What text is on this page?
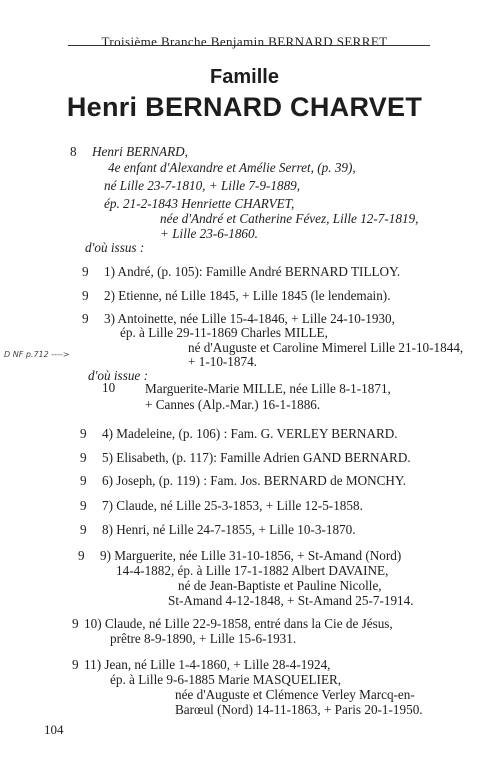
Troisième Branche Benjamin BERNARD SERRET
Famille
Henri BERNARD CHARVET
8 Henri BERNARD,
4e enfant d'Alexandre et Amélie Serret, (p. 39),
né Lille 23-7-1810, + Lille 7-9-1889,
ép. 21-2-1843 Henriette CHARVET,
née d'André et Catherine Févez, Lille 12-7-1819,
+ Lille 23-6-1860.
d'où issus :
9 1) André, (p. 105): Famille André BERNARD TILLOY.
9 2) Etienne, né Lille 1845, + Lille 1845 (le lendemain).
9 3) Antoinette, née Lille 15-4-1846, + Lille 24-10-1930,
ép. à Lille 29-11-1869 Charles MILLE,
né d'Auguste et Caroline Mimerel Lille 21-10-1844,
+ 1-10-1874.
D NF p.712 ---->
d'où issue :
10 Marguerite-Marie MILLE, née Lille 8-1-1871,
+ Cannes (Alp.-Mar.) 16-1-1886.
9 4) Madeleine, (p. 106) : Fam. G. VERLEY BERNARD.
9 5) Elisabeth, (p. 117): Famille Adrien GAND BERNARD.
9 6) Joseph, (p. 119) : Fam. Jos. BERNARD de MONCHY.
9 7) Claude, né Lille 25-3-1853, + Lille 12-5-1858.
9 8) Henri, né Lille 24-7-1855, + Lille 10-3-1870.
9 9) Marguerite, née Lille 31-10-1856, + St-Amand (Nord)
14-4-1882, ép. à Lille 17-1-1882 Albert DAVAINE,
né de Jean-Baptiste et Pauline Nicolle,
St-Amand 4-12-1848, + St-Amand 25-7-1914.
9 10) Claude, né Lille 22-9-1858, entré dans la Cie de Jésus,
prêtre 8-9-1890, + Lille 15-6-1931.
9 11) Jean, né Lille 1-4-1860, + Lille 28-4-1924,
ép. à Lille 9-6-1885 Marie MASQUELIER,
née d'Auguste et Clémence Verley Marcq-en-
Barœul (Nord) 14-11-1863, + Paris 20-1-1950.
104
